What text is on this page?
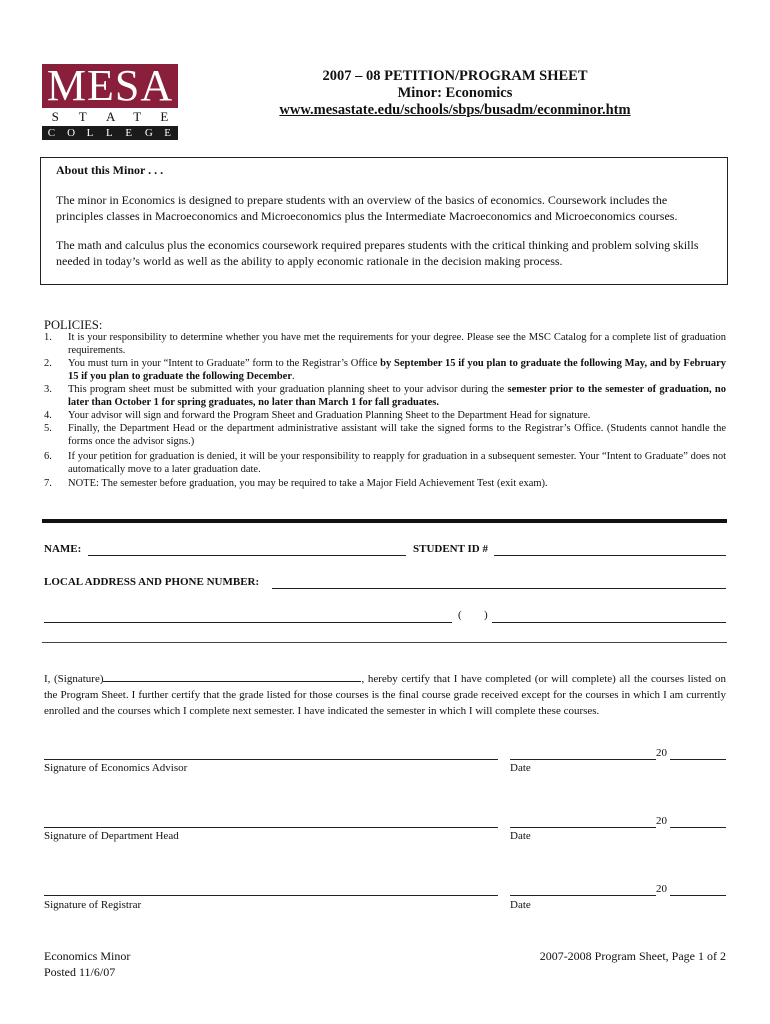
MESA
S T A T E
C O L L E G E
2007 – 08 PETITION/PROGRAM SHEET
Minor: Economics
www.mesastate.edu/schools/sbps/busadm/econminor.htm
About this Minor . . .
The minor in Economics is designed to prepare students with an overview of the basics of economics. Coursework includes the principles classes in Macroeconomics and Microeconomics plus the Intermediate Macroeconomics and Microeconomics courses.
The math and calculus plus the economics coursework required prepares students with the critical thinking and problem solving skills needed in today’s world as well as the ability to apply economic rationale in the decision making process.
POLICIES:
1. It is your responsibility to determine whether you have met the requirements for your degree. Please see the MSC Catalog for a complete list of graduation requirements.
2. You must turn in your “Intent to Graduate” form to the Registrar’s Office by September 15 if you plan to graduate the following May, and by February 15 if you plan to graduate the following December.
3. This program sheet must be submitted with your graduation planning sheet to your advisor during the semester prior to the semester of graduation, no later than October 1 for spring graduates, no later than March 1 for fall graduates.
4. Your advisor will sign and forward the Program Sheet and Graduation Planning Sheet to the Department Head for signature.
5. Finally, the Department Head or the department administrative assistant will take the signed forms to the Registrar’s Office. (Students cannot handle the forms once the advisor signs.)
6. If your petition for graduation is denied, it will be your responsibility to reapply for graduation in a subsequent semester. Your “Intent to Graduate” does not automatically move to a later graduation date.
7. NOTE: The semester before graduation, you may be required to take a Major Field Achievement Test (exit exam).
NAME:	STUDENT ID #
LOCAL ADDRESS AND PHONE NUMBER:
( )
I, (Signature)	, hereby certify that I have completed (or will complete) all the courses listed on the Program Sheet. I further certify that the grade listed for those courses is the final course grade received except for the courses in which I am currently enrolled and the courses which I complete next semester. I have indicated the semester in which I will complete these courses.
Signature of Economics Advisor
20
Date
Signature of Department Head
20
Date
Signature of Registrar
20
Date
Economics Minor
Posted 11/6/07
2007-2008 Program Sheet, Page 1 of 2
